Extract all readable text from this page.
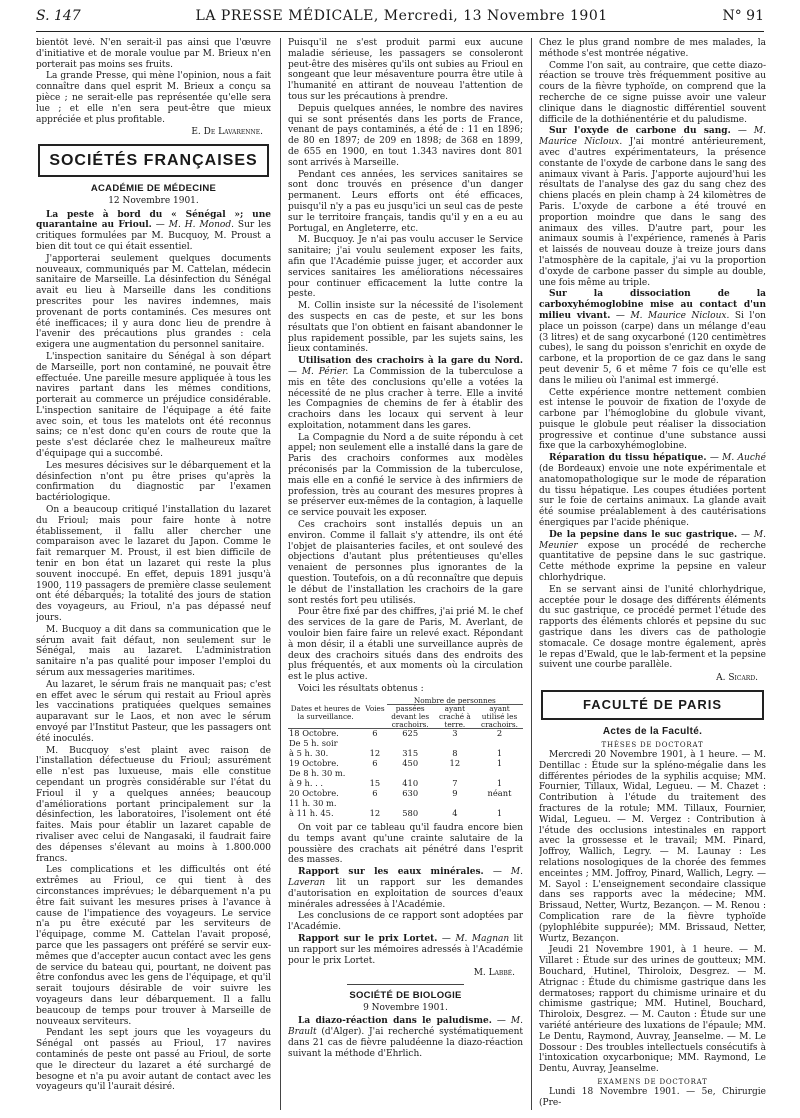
S. 147	LA PRESSE MÉDICALE, Mercredi, 13 Novembre 1901	N° 91

bientôt levé. N'en serait-il pas ainsi que l'œuvre d'initiative et de morale voulue par M. Brieux n'en porterait pas moins ses fruits.

La grande Presse, qui mène l'opinion, nous a fait connaître dans quel esprit M. Brieux a conçu sa pièce ; ne serait-elle pas représentée qu'elle sera lue ; et elle n'en sera peut-être que mieux appréciée et plus profitable.

E. De Lavarenne.
SOCIÉTÉS FRANÇAISES
ACADÉMIE DE MÉDECINE
12 Novembre 1901.

La peste à bord du « Sénégal »; une quarantaine au Frioul. — M. H. Monod. Sur les critiques formulées par M. Bucquoy, M. Proust a bien dit tout ce qui était essentiel.

J'apporterai seulement quelques documents nouveaux, communiqués par M. Cattelan, médecin sanitaire de Marseille. La désinfection du Sénégal avait eu lieu à Marseille dans les conditions prescrites pour les navires indemnes, mais provenant de ports contaminés. Ces mesures ont été inefficaces; il y aura donc lieu de prendre à l'avenir des précautions plus grandes : cela exigera une augmentation du personnel sanitaire.

L'inspection sanitaire du Sénégal à son départ de Marseille, port non contaminé, ne pouvait être effectuée. Une pareille mesure appliquée à tous les navires partant dans les mêmes conditions, porterait au commerce un préjudice considérable. L'inspection sanitaire de l'équipage a été faite avec soin, et tous les matelots ont été reconnus sains; ce n'est donc qu'en cours de route que la peste s'est déclarée chez le malheureux maître d'équipage qui a succombé.

Les mesures décisives sur le débarquement et la désinfection n'ont pu être prises qu'après la confirmation du diagnostic par l'examen bactériologique.

On a beaucoup critiqué l'installation du lazaret du Frioul; mais pour faire honte à notre établissement, il fallu aller chercher une comparaison avec le lazaret du Japon. Comme le fait remarquer M. Proust, il est bien difficile de tenir en bon état un lazaret qui reste la plus souvent inoccupé. En effet, depuis 1891 jusqu'à 1900, 119 passagers de première classe seulement ont été débarqués; la totalité des jours de station des voyageurs, au Frioul, n'a pas dépassé neuf jours.

M. Bucquoy a dit dans sa communication que le sérum avait fait défaut, non seulement sur le Sénégal, mais au lazaret. L'administration sanitaire n'a pas qualité pour imposer l'emploi du sérum aux messageries maritimes.

Au lazaret, le sérum frais ne manquait pas; c'est en effet avec le sérum qui restait au Frioul après les vaccinations pratiquées quelques semaines auparavant sur le Laos, et non avec le sérum envoyé par l'Institut Pasteur, que les passagers ont été inoculés.

M. Bucquoy s'est plaint avec raison de l'installation défectueuse du Frioul; assurément elle n'est pas luxueuse, mais elle constitue cependant un progrès considérable sur l'état du Frioul il y a quelques années; beaucoup d'améliorations portant principalement sur la désinfection, les laboratoires, l'isolement ont été faites. Mais pour établir un lazaret capable de rivaliser avec celui de Nangasaki, il faudrait faire des dépenses s'élevant au moins à 1.800.000 francs.

Les complications et les difficultés ont été extrêmes au Frioul, ce qui tient à des circonstances imprévues; le débarquement n'a pu être fait suivant les mesures prises à l'avance à cause de l'impatience des voyageurs. Le service n'a pu être exécuté par les serviteurs de l'équipage, comme M. Cattelan l'avait proposé, parce que les passagers ont préféré se servir eux-mêmes que d'accepter aucun contact avec les gens de service du bateau qui, pourtant, ne doivent pas être confondus avec les gens de l'équipage, et qu'il serait toujours désirable de voir suivre les voyageurs dans leur débarquement. Il a fallu beaucoup de temps pour trouver à Marseille de nouveaux serviteurs.

Pendant les sept jours que les voyageurs du Sénégal ont passés au Frioul, 17 navires contaminés de peste ont passé au Frioul, de sorte que le directeur du lazaret a été surchargé de besogne et n'a pu avoir autant de contact avec les voyageurs qu'il l'aurait désiré.

Puisqu'il ne s'est produit parmi eux aucune maladie sérieuse, les passagers se consoleront peut-être des misères qu'ils ont subies au Frioul en songeant que leur mésaventure pourra être utile à l'humanité en attirant de nouveau l'attention de tous sur les précautions à prendre.

Depuis quelques années, le nombre des navires qui se sont présentés dans les ports de France, venant de pays contaminés, a été de : 11 en 1896; de 80 en 1897; de 209 en 1898; de 368 en 1899, de 655 en 1900, en tout 1.343 navires dont 801 sont arrivés à Marseille.

Pendant ces années, les services sanitaires se sont donc trouvés en présence d'un danger permanent. Leurs efforts ont été efficaces, puisqu'il n'y a pas eu jusqu'ici un seul cas de peste sur le territoire français, tandis qu'il y en a eu au Portugal, en Angleterre, etc.

M. Bucquoy. Je n'ai pas voulu accuser le Service sanitaire; j'ai voulu seulement exposer les faits, afin que l'Académie puisse juger, et accorder aux services sanitaires les améliorations nécessaires pour continuer efficacement la lutte contre la peste.

M. Collin insiste sur la nécessité de l'isolement des suspects en cas de peste, et sur les bons résultats que l'on obtient en faisant abandonner le plus rapidement possible, par les sujets sains, les lieux contaminés.

Utilisation des crachoirs à la gare du Nord. — M. Périer. La Commission de la tuberculose a mis en tête des conclusions qu'elle a votées la nécessité de ne plus cracher à terre. Elle a invité les Compagnies de chemins de fer à établir des crachoirs dans les locaux qui servent à leur exploitation, notamment dans les gares.

La Compagnie du Nord a de suite répondu à cet appel; non seulement elle a installé dans la gare de Paris des crachoirs conformes aux modèles préconisés par la Commission de la tuberculose, mais elle en a confié le service à des infirmiers de profession, très au courant des mesures propres à se préserver eux-mêmes de la contagion, à laquelle ce service pouvait les exposer.

Ces crachoirs sont installés depuis un an environ. Comme il fallait s'y attendre, ils ont été l'objet de plaisanteries faciles, et ont soulevé des objections d'autant plus prétentieuses qu'elles venaient de personnes plus ignorantes de la question. Toutefois, on a dû reconnaître que depuis le début de l'installation les crachoirs de la gare sont restés fort peu utilisés.

Pour être fixé par des chiffres, j'ai prié M. le chef des services de la gare de Paris, M. Averlant, de vouloir bien faire faire un relevé exact. Répondant à mon désir, il a établi une surveillance auprès de deux des crachoirs situés dans des endroits des plus fréquentés, et aux moments où la circulation est le plus active.

Voici les résultats obtenus :

		Nombre de personnes		
Dates et heures de la surveillance.	Voies	passées devant les crachoirs.	ayant craché à terre.	ayant utilisé les crachoirs.
18 Octobre.	6	625	3	2
De 5 h. soir				
à 5 h. 30.	12	315	8	1
19 Octobre.	6	450	12	1
De 8 h. 30 m.				
à 9 h. . .	15	410	7	1
20 Octobre.	6	630	9	néant
11 h. 30 m.				
à 11 h. 45.	12	580	4	1

On voit par ce tableau qu'il faudra encore bien du temps avant qu'une crainte salutaire de la poussière des crachats ait pénétré dans l'esprit des masses.

Rapport sur les eaux minérales. — M. Laveran lit un rapport sur les demandes d'autorisation en exploitation de sources d'eaux minérales adressées à l'Académie.

Les conclusions de ce rapport sont adoptées par l'Académie.

Rapport sur le prix Lortet. — M. Magnan lit un rapport sur les mémoires adressés à l'Académie pour le prix Lortet.

M. Labbé.
SOCIÉTÉ DE BIOLOGIE
9 Novembre 1901.

La diazo-réaction dans le paludisme. — M. Brault (d'Alger). J'ai recherché systématiquement dans 21 cas de fièvre paludéenne la diazo-réaction suivant la méthode d'Ehrlich.

Chez le plus grand nombre de mes malades, la méthode s'est montrée négative.

Comme l'on sait, au contraire, que cette diazo-réaction se trouve très fréquemment positive au cours de la fièvre typhoïde, on comprend que la recherche de ce signe puisse avoir une valeur clinique dans le diagnostic différentiel souvent difficile de la dothiénentérie et du paludisme.

Sur l'oxyde de carbone du sang. — M. Maurice Nicloux. J'ai montré antérieurement, avec d'autres expérimentateurs, la présence constante de l'oxyde de carbone dans le sang des animaux vivant à Paris. J'apporte aujourd'hui les résultats de l'analyse des gaz du sang chez des chiens placés en plein champ à 24 kilomètres de Paris. L'oxyde de carbone a été trouvé en proportion moindre que dans le sang des animaux des villes. D'autre part, pour les animaux soumis à l'expérience, ramenés à Paris et laissés de nouveau douze à treize jours dans l'atmosphère de la capitale, j'ai vu la proportion d'oxyde de carbone passer du simple au double, une fois même au triple.

Sur la dissociation de la carboxyhémoglobine mise au contact d'un milieu vivant. — M. Maurice Nicloux. Si l'on place un poisson (carpe) dans un mélange d'eau (3 litres) et de sang oxycarboné (120 centimètres cubes), le sang du poisson s'enrichit en oxyde de carbone, et la proportion de ce gaz dans le sang peut devenir 5, 6 et même 7 fois ce qu'elle est dans le milieu où l'animal est immergé.

Cette expérience montre nettement combien est intense le pouvoir de fixation de l'oxyde de carbone par l'hémoglobine du globule vivant, puisque le globule peut réaliser la dissociation progressive et continue d'une substance aussi fixe que la carboxyhémoglobine.

Réparation du tissu hépatique. — M. Auché (de Bordeaux) envoie une note expérimentale et anatomopathologique sur le mode de réparation du tissu hépatique. Les coupes étudiées portent sur le foie de certains animaux. La glande avait été soumise préalablement à des cautérisations énergiques par l'acide phénique.

De la pepsine dans le suc gastrique. — M. Meunier expose un procédé de recherche quantitative de pepsine dans le suc gastrique. Cette méthode exprime la pepsine en valeur chlorhydrique.

En se servant ainsi de l'unité chlorhydrique, acceptée pour le dosage des différents éléments du suc gastrique, ce procédé permet l'étude des rapports des éléments chlorés et pepsine du suc gastrique dans les divers cas de pathologie stomacale. Ce dosage montre également, après le repas d'Ewald, que le lab-ferment et la pepsine suivent une courbe parallèle.

A. Sicard.
FACULTÉ DE PARIS
Actes de la Faculté.
THÈSES DE DOCTORAT

Mercredi 20 Novembre 1901, à 1 heure. — M. Dentillac : Étude sur la spléno-mégalie dans les différentes périodes de la syphilis acquise; MM. Fournier, Tillaux, Widal, Legueu. — M. Chazet : Contribution à l'étude du traitement des fractures de la rotule; MM. Tillaux, Fournier, Widal, Legueu. — M. Vergez : Contribution à l'étude des occlusions intestinales en rapport avec la grossesse et le travail; MM. Pinard, Joffroy, Wallich, Legry. — M. Launay : Les relations nosologiques de la chorée des femmes enceintes ; MM. Joffroy, Pinard, Wallich, Legry. — M. Sayol : L'enseignement secondaire classique dans ses rapports avec la médecine; MM. Brissaud, Netter, Wurtz, Bezançon. — M. Renou : Complication rare de la fièvre typhoïde (pylophlébite suppurée); MM. Brissaud, Netter, Wurtz, Bezançon.

Jeudi 21 Novembre 1901, à 1 heure. — M. Villaret : Étude sur des urines de goutteux; MM. Bouchard, Hutinel, Thiroloix, Desgrez. — M. Atrignac : Étude du chimisme gastrique dans les dermatoses; rapport du chimisme urinaire et du chimisme gastrique; MM. Hutinel, Bouchard, Thiroloix, Desgrez. — M. Cauton : Étude sur une variété antérieure des luxations de l'épaule; MM. Le Dentu, Raymond, Auvray, Jeanselme. — M. Le Dossour : Des troubles intellectuels consécutifs à l'intoxication oxycarbonique; MM. Raymond, Le Dentu, Auvray, Jeanselme.

EXAMENS DE DOCTORAT

Lundi 18 Novembre 1901. — 5e, Chirurgie (Pre-
